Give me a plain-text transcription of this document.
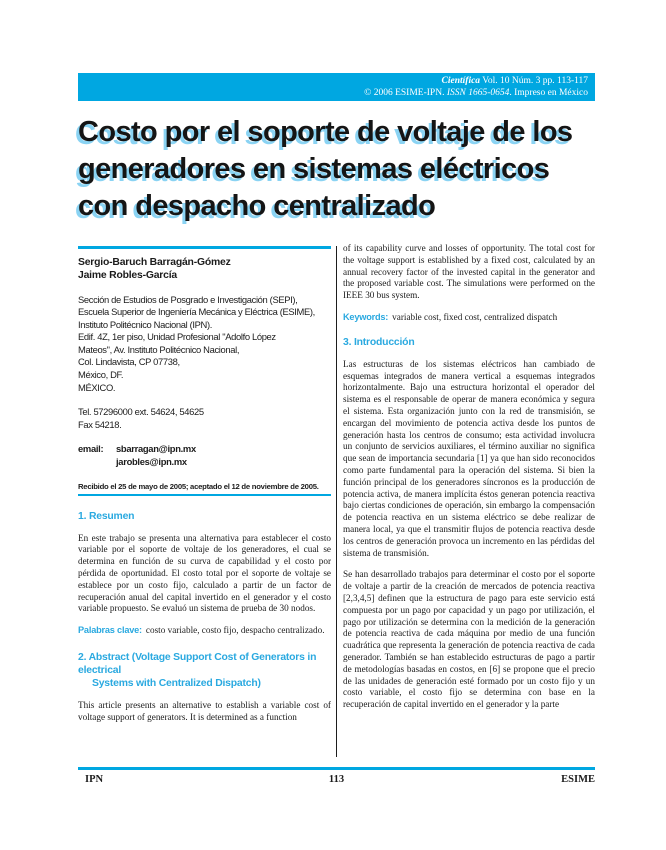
Científica Vol. 10 Núm. 3 pp. 113-117
© 2006 ESIME-IPN. ISSN 1665-0654. Impreso en México
Costo por el soporte de voltaje de los
generadores en sistemas eléctricos
con despacho centralizado
Sergio-Baruch Barragán-Gómez
Jaime Robles-García
Sección de Estudios de Posgrado e Investigación (SEPI),
Escuela Superior de Ingeniería Mecánica y Eléctrica (ESIME),
Instituto Politécnico Nacional (IPN).
Edif. 4Z, 1er piso, Unidad Profesional "Adolfo López
Mateos", Av. Instituto Politécnico Nacional,
Col. Lindavista, CP 07738,
México, DF.
MÉXICO.
Tel. 57296000 ext. 54624, 54625
Fax 54218.
email:	sbarragan@ipn.mx
jarobles@ipn.mx
Recibido el 25 de mayo de 2005; aceptado el 12 de noviembre de 2005.
1. Resumen
En este trabajo se presenta una alternativa para establecer el costo variable por el soporte de voltaje de los generadores, el cual se determina en función de su curva de capabilidad y el costo por pérdida de oportunidad. El costo total por el soporte de voltaje se establece por un costo fijo, calculado a partir de un factor de recuperación anual del capital invertido en el generador y el costo variable propuesto. Se evaluó un sistema de prueba de 30 nodos.
Palabras clave: costo variable, costo fijo, despacho centralizado.
2. Abstract (Voltage Support Cost of Generators in electrical
Systems with Centralized Dispatch)
This article presents an alternative to establish a variable cost of voltage support of generators. It is determined as a function
of its capability curve and losses of opportunity. The total cost for the voltage support is established by a fixed cost, calculated by an annual recovery factor of the invested capital in the generator and the proposed variable cost. The simulations were performed on the IEEE 30 bus system.
Keywords: variable cost, fixed cost, centralized dispatch
3. Introducción
Las estructuras de los sistemas eléctricos han cambiado de esquemas integrados de manera vertical a esquemas integrados horizontalmente. Bajo una estructura horizontal el operador del sistema es el responsable de operar de manera económica y segura el sistema. Esta organización junto con la red de transmisión, se encargan del movimiento de potencia activa desde los puntos de generación hasta los centros de consumo; esta actividad involucra un conjunto de servicios auxiliares, el término auxiliar no significa que sean de importancia secundaria [1] ya que han sido reconocidos como parte fundamental para la operación del sistema. Si bien la función principal de los generadores síncronos es la producción de potencia activa, de manera implícita éstos generan potencia reactiva bajo ciertas condiciones de operación, sin embargo la compensación de potencia reactiva en un sistema eléctrico se debe realizar de manera local, ya que el transmitir flujos de potencia reactiva desde los centros de generación provoca un incremento en las pérdidas del sistema de transmisión.
Se han desarrollado trabajos para determinar el costo por el soporte de voltaje a partir de la creación de mercados de potencia reactiva [2,3,4,5] definen que la estructura de pago para este servicio está compuesta por un pago por capacidad y un pago por utilización, el pago por utilización se determina con la medición de la generación de potencia reactiva de cada máquina por medio de una función cuadrática que representa la generación de potencia reactiva de cada generador. También se han establecido estructuras de pago a partir de metodologías basadas en costos, en [6] se propone que el precio de las unidades de generación esté formado por un costo fijo y un costo variable, el costo fijo se determina con base en la recuperación de capital invertido en el generador y la parte
IPN	113	ESIME
